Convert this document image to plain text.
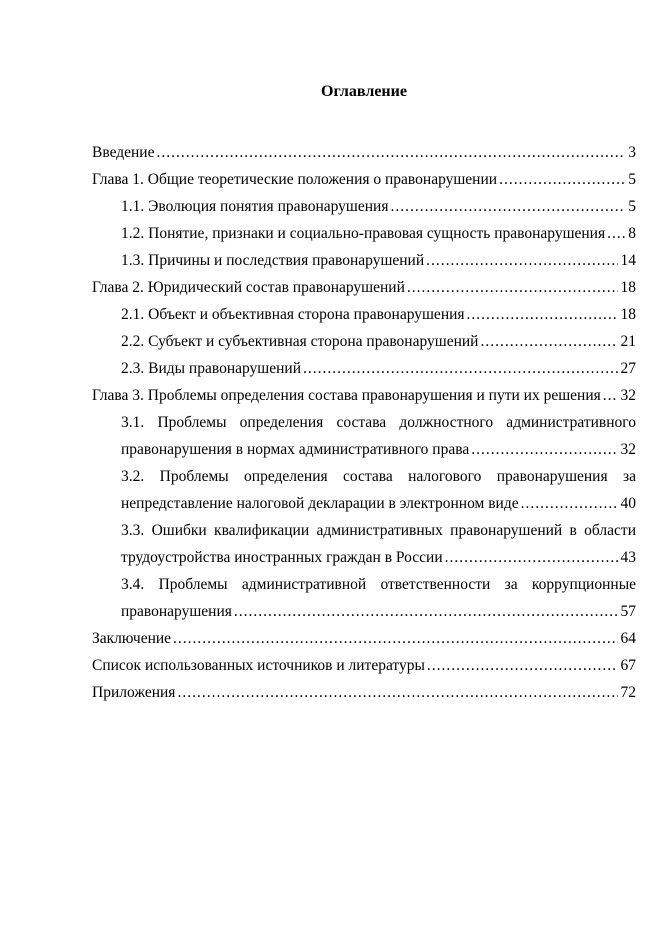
Оглавление
Введение .....	3
Глава 1. Общие теоретические положения о правонарушении .....	5
1.1. Эволюция понятия правонарушения .....	5
1.2. Понятие, признаки и социально-правовая сущность правонарушения ..... 8
1.3. Причины и последствия правонарушений .....	14
Глава 2. Юридический состав правонарушений .....	18
2.1. Объект и объективная сторона правонарушения .....	18
2.2. Субъект и субъективная сторона правонарушений .....	21
2.3. Виды правонарушений .....	27
Глава 3. Проблемы определения состава правонарушения и пути их решения ..... 32
3.1. Проблемы определения состава должностного административного
правонарушения в нормах административного права .....	32
3.2. Проблемы определения состава налогового правонарушения за
непредставление налоговой декларации в электронном виде .....	40
3.3. Ошибки квалификации административных правонарушений в области
трудоустройства иностранных граждан в России .....	43
3.4. Проблемы административной ответственности за коррупционные
правонарушения .....	57
Заключение .....	64
Список использованных источников и литературы .....	67
Приложения .....	72
